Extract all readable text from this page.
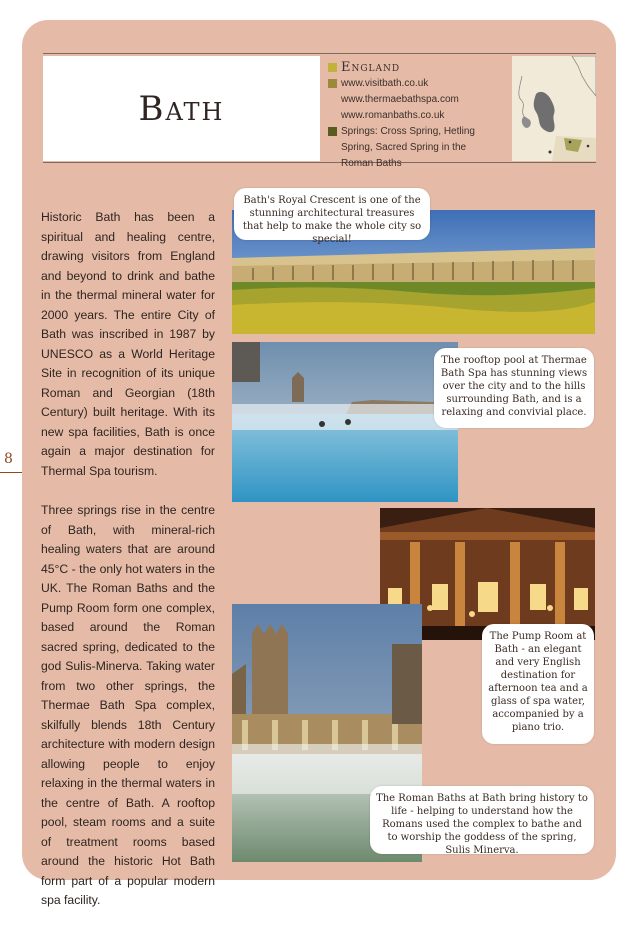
Bath
England
www.visitbath.co.uk
www.thermaebathspa.com
www.romanbaths.co.uk
Springs: Cross Spring, Hetling
Spring, Sacred Spring in the
Roman Baths
8

Historic Bath has been a spiritual and healing centre, drawing visitors from England and beyond to drink and bathe in the thermal mineral water for 2000 years. The entire City of Bath was inscribed in 1987 by UNESCO as a World Heritage Site in recognition of its unique Roman and Georgian (18th Century) built heritage. With its new spa facilities, Bath is once again a major destination for Thermal Spa tourism.

Three springs rise in the centre of Bath, with mineral-rich healing waters that are around 45°C - the only hot waters in the UK. The Roman Baths and the Pump Room form one complex, based around the Roman sacred spring, dedicated to the god Sulis-Minerva. Taking water from two other springs, the Thermae Bath Spa complex, skilfully blends 18th Century architecture with modern design allowing people to enjoy relaxing in the thermal waters in the centre of Bath. A rooftop pool, steam rooms and a suite of treatment rooms based around the historic Hot Bath form part of a popular modern spa facility.

Bath's Royal Crescent is one of the stunning architectural treasures that help to make the whole city so special!
The rooftop pool at Thermae Bath Spa has stunning views over the city and to the hills surrounding Bath, and is a relaxing and convivial place.
The Pump Room at Bath - an elegant and very English destination for afternoon tea and a glass of spa water, accompanied by a piano trio.
The Roman Baths at Bath bring history to life - helping to understand how the Romans used the complex to bathe and to worship the goddess of the spring, Sulis Minerva.
